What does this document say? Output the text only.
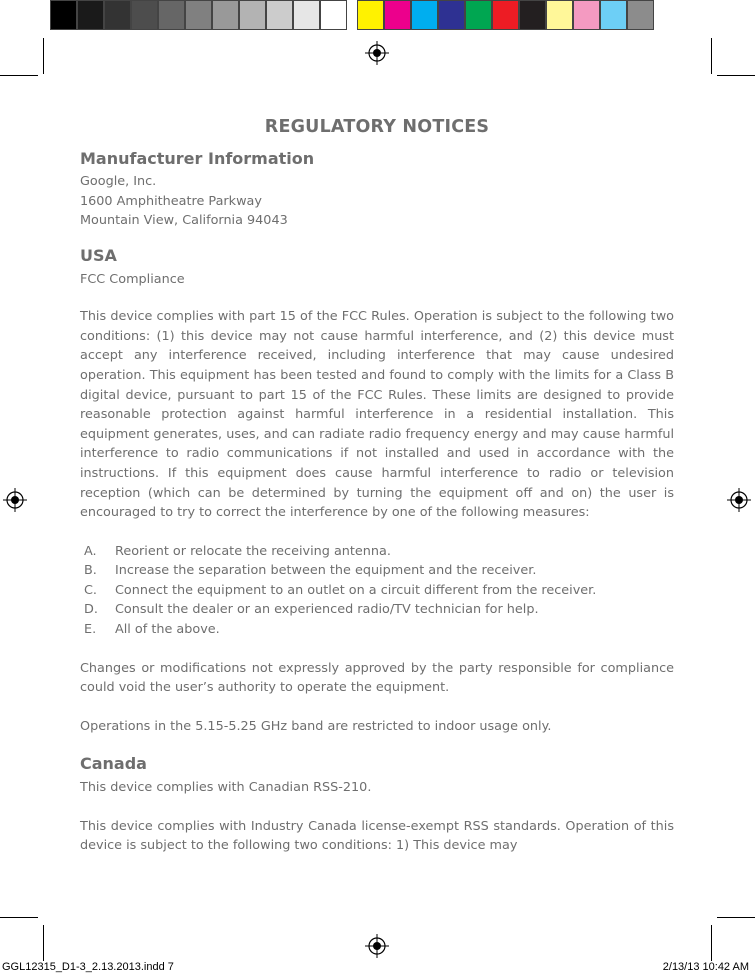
REGULATORY NOTICES
Manufacturer Information
Google, Inc.
1600 Amphitheatre Parkway
Mountain View, California 94043
USA

FCC Compliance

This device complies with part 15 of the FCC Rules. Operation is subject to the following two conditions: (1) this device may not cause harmful interference, and (2) this device must accept any interference received, including interference that may cause undesired operation. This equipment has been tested and found to comply with the limits for a Class B digital device, pursuant to part 15 of the FCC Rules. These limits are designed to provide reasonable protection against harmful interference in a residential installation. This equipment generates, uses, and can radiate radio frequency energy and may cause harmful interference to radio communications if not installed and used in accordance with the instructions. If this equipment does cause harmful interference to radio or television reception (which can be determined by turning the equipment off and on) the user is encouraged to try to correct the interference by one of the following measures:

A.	Reorient or relocate the receiving antenna.
B.	Increase the separation between the equipment and the receiver.
C.	Connect the equipment to an outlet on a circuit different from the receiver.
D.	Consult the dealer or an experienced radio/TV technician for help.
E.	All of the above.

Changes or modifications not expressly approved by the party responsible for compliance could void the user’s authority to operate the equipment.

Operations in the 5.15-5.25 GHz band are restricted to indoor usage only.

Canada

This device complies with Canadian RSS-210.

This device complies with Industry Canada license-exempt RSS standards. Operation of this device is subject to the following two conditions: 1) This device may

GGL12315_D1-3_2.13.2013.indd 7	2/13/13 10:42 AM
